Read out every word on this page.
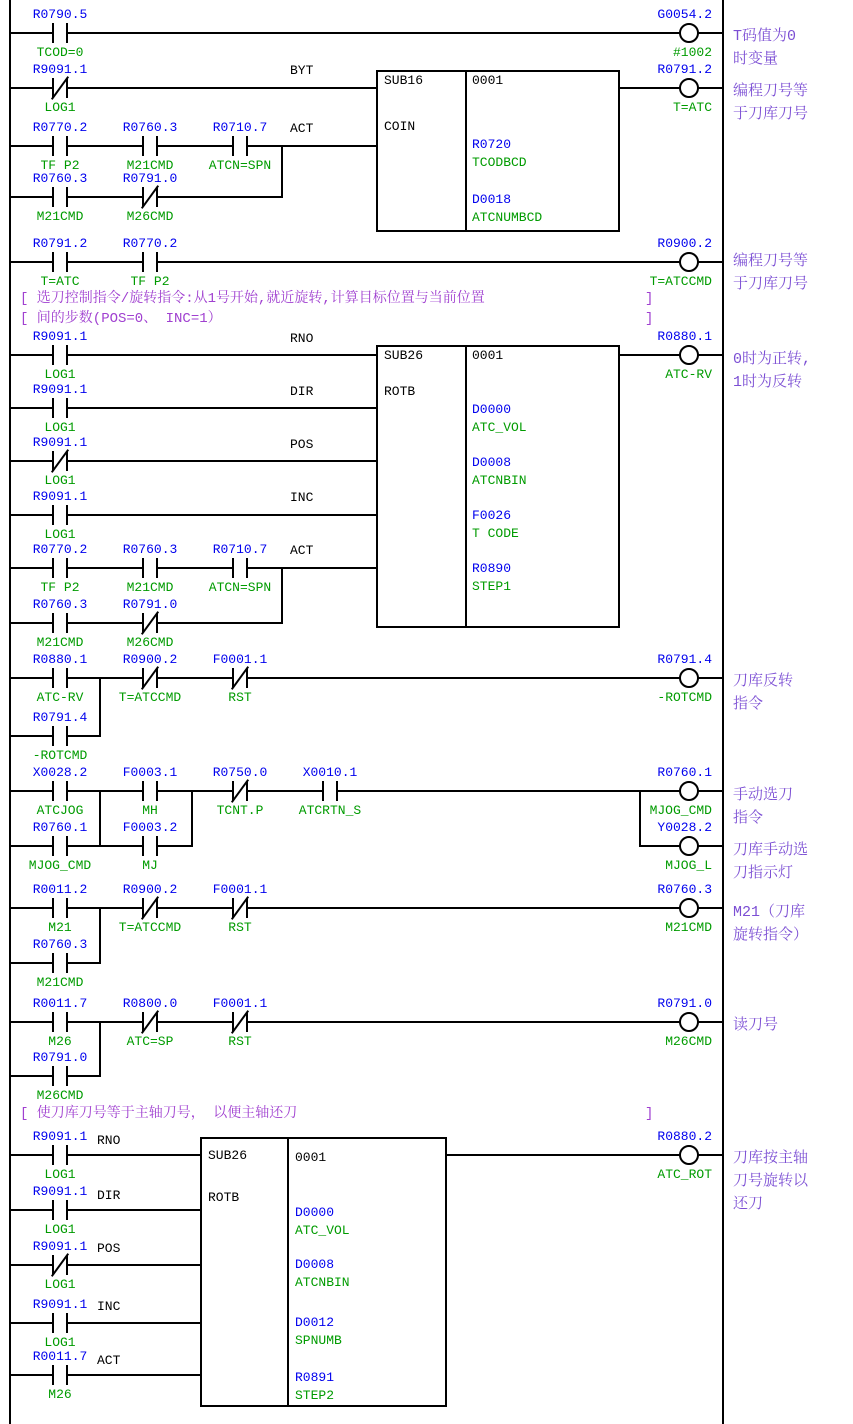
R0790.5
TCOD=0
R9091.1
LOG1
R0770.2
TF P2
R0760.3
M21CMD
R0710.7
ATCN=SPN
R0760.3
M21CMD
R0791.0
M26CMD
R0791.2
T=ATC
R0770.2
TF P2
R9091.1
LOG1
R9091.1
LOG1
R9091.1
LOG1
R9091.1
LOG1
R0770.2
TF P2
R0760.3
M21CMD
R0710.7
ATCN=SPN
R0760.3
M21CMD
R0791.0
M26CMD
R0880.1
ATC-RV
R0900.2
T=ATCCMD
F0001.1
RST
R0791.4
-ROTCMD
X0028.2
ATCJOG
F0003.1
MH
R0750.0
TCNT.P
X0010.1
ATCRTN_S
R0760.1
MJOG_CMD
F0003.2
MJ
R0011.2
M21
R0900.2
T=ATCCMD
F0001.1
RST
R0760.3
M21CMD
R0011.7
M26
R0800.0
ATC=SP
F0001.1
RST
R0791.0
M26CMD
R9091.1
LOG1
R9091.1
LOG1
R9091.1
LOG1
R9091.1
LOG1
R0011.7
M26
G0054.2
#1002
R0791.2
T=ATC
R0900.2
T=ATCCMD
R0880.1
ATC-RV
R0791.4
-ROTCMD
R0760.1
MJOG_CMD
Y0028.2
MJOG_L
R0760.3
M21CMD
R0791.0
M26CMD
R0880.2
ATC_ROT
SUB16
COIN
0001
R0720
TCODBCD
D0018
ATCNUMBCD
SUB26
ROTB
0001
D0000
ATC_VOL
D0008
ATCNBIN
F0026
T CODE
R0890
STEP1
SUB26
ROTB
0001
D0000
ATC_VOL
D0008
ATCNBIN
D0012
SPNUMB
R0891
STEP2
BYT
ACT
RNO
DIR
POS
INC
ACT
RNO
DIR
POS
INC
ACT
[ 选刀控制指令/旋转指令:从1号开始,就近旋转,计算目标位置与当前位置	]
[ 间的步数(POS=0、 INC=1）	]
[ 使刀库刀号等于主轴刀号， 以便主轴还刀	]
T码值为0
时变量
编程刀号等
于刀库刀号
编程刀号等
于刀库刀号
0时为正转,
1时为反转
刀库反转
指令
手动选刀
指令
刀库手动选
刀指示灯
M21（刀库
旋转指令）
读刀号
刀库按主轴
刀号旋转以
还刀
